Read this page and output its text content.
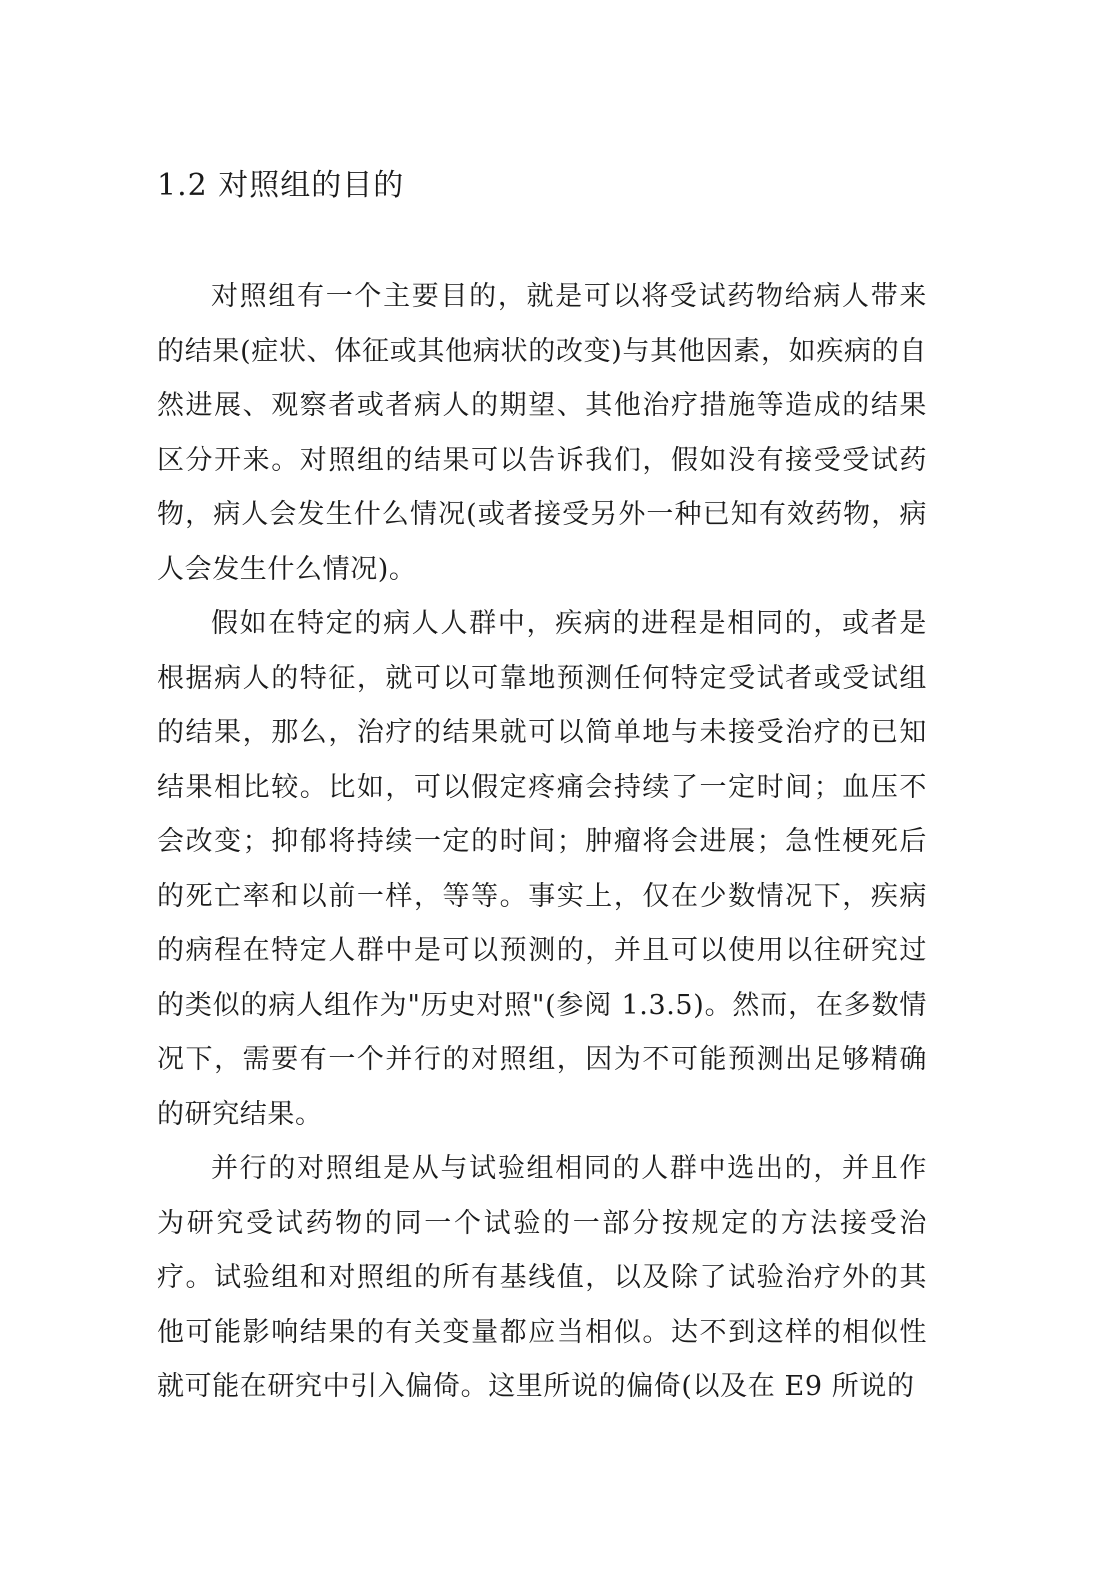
1.2 对照组的目的

对照组有一个主要目的，就是可以将受试药物给病人带来的结果(症状、体征或其他病状的改变)与其他因素，如疾病的自然进展、观察者或者病人的期望、其他治疗措施等造成的结果区分开来。对照组的结果可以告诉我们，假如没有接受受试药物，病人会发生什么情况(或者接受另外一种已知有效药物，病人会发生什么情况)。

假如在特定的病人人群中，疾病的进程是相同的，或者是根据病人的特征，就可以可靠地预测任何特定受试者或受试组的结果，那么，治疗的结果就可以简单地与未接受治疗的已知结果相比较。比如，可以假定疼痛会持续了一定时间；血压不会改变；抑郁将持续一定的时间；肿瘤将会进展；急性梗死后的死亡率和以前一样，等等。事实上，仅在少数情况下，疾病的病程在特定人群中是可以预测的，并且可以使用以往研究过的类似的病人组作为"历史对照"(参阅 1.3.5)。然而，在多数情况下，需要有一个并行的对照组，因为不可能预测出足够精确的研究结果。

并行的对照组是从与试验组相同的人群中选出的，并且作为研究受试药物的同一个试验的一部分按规定的方法接受治疗。试验组和对照组的所有基线值，以及除了试验治疗外的其他可能影响结果的有关变量都应当相似。达不到这样的相似性就可能在研究中引入偏倚。这里所说的偏倚(以及在 E9 所说的
